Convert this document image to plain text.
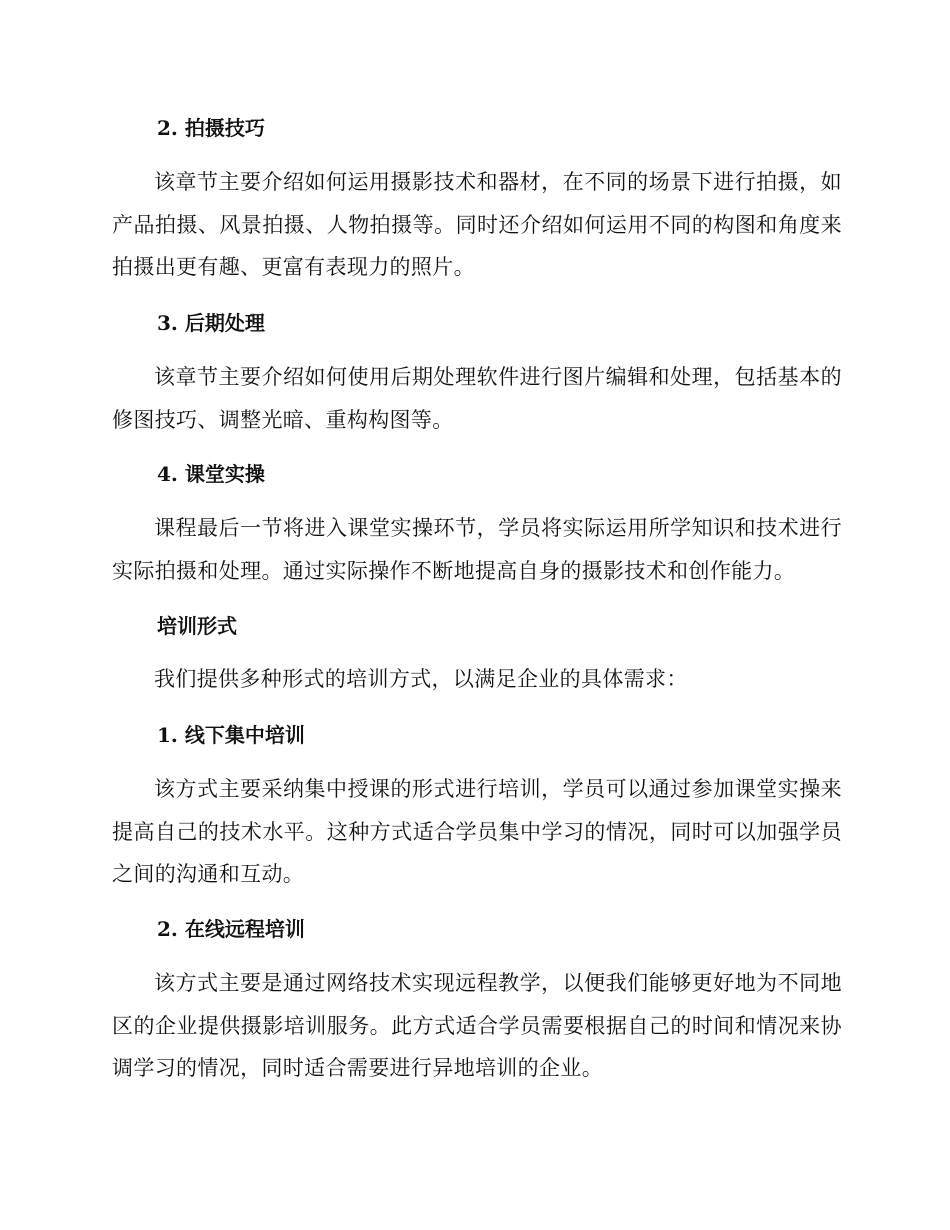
2. 拍摄技巧

该章节主要介绍如何运用摄影技术和器材，在不同的场景下进行拍摄，如产品拍摄、风景拍摄、人物拍摄等。同时还介绍如何运用不同的构图和角度来拍摄出更有趣、更富有表现力的照片。

3. 后期处理

该章节主要介绍如何使用后期处理软件进行图片编辑和处理，包括基本的修图技巧、调整光暗、重构构图等。

4. 课堂实操

课程最后一节将进入课堂实操环节，学员将实际运用所学知识和技术进行实际拍摄和处理。通过实际操作不断地提高自身的摄影技术和创作能力。

培训形式

我们提供多种形式的培训方式，以满足企业的具体需求：

1. 线下集中培训

该方式主要采纳集中授课的形式进行培训，学员可以通过参加课堂实操来提高自己的技术水平。这种方式适合学员集中学习的情况，同时可以加强学员之间的沟通和互动。

2. 在线远程培训

该方式主要是通过网络技术实现远程教学，以便我们能够更好地为不同地区的企业提供摄影培训服务。此方式适合学员需要根据自己的时间和情况来协调学习的情况，同时适合需要进行异地培训的企业。
